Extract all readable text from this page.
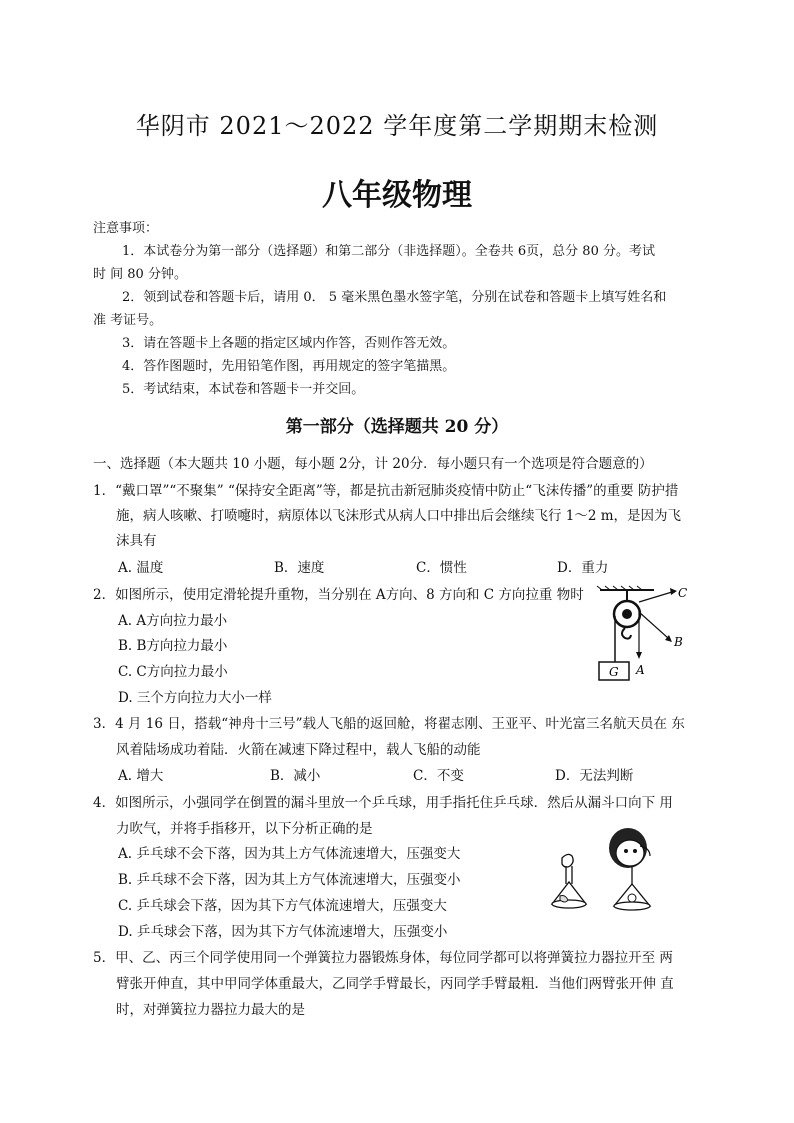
华阴市 2021～2022 学年度第二学期期末检测
八年级物理
注意事项：
1．本试卷分为第一部分（选择题）和第二部分（非选择题）。全卷共 6页，总分 80 分。考试
时 间 80 分钟。
2．领到试卷和答题卡后，请用 0． 5 毫米黑色墨水签字笔，分别在试卷和答题卡上填写姓名和
准 考证号。
3．请在答题卡上各题的指定区域内作答，否则作答无效。
4．答作图题时，先用铅笔作图，再用规定的签字笔描黑。
5．考试结束，本试卷和答题卡一并交回。
第一部分（选择题共 20 分）
一、选择题（本大题共 10 小题，每小题 2分，计 20分．每小题只有一个选项是符合题意的）
1．“戴口罩”“不聚集” “保持安全距离”等，都是抗击新冠肺炎疫情中防止“飞沫传播”的重要 防护措
施，病人咳嗽、打喷嚏时，病原体以飞沫形式从病人口中排出后会继续飞行 1～2 m，是因为飞
沫具有
A. 温度	B．速度	C．惯性	D．重力
2．如图所示，使用定滑轮提升重物，当分别在 A方向、8 方向和 C 方向拉重 物时
A. A方向拉力最小
B. B方向拉力最小
C. C方向拉力最小
D. 三个方向拉力大小一样
C
B
A
G
3．4 月 16 日，搭载“神舟十三号”载人飞船的返回舱，将翟志刚、王亚平、叶光富三名航天员在 东
风着陆场成功着陆．火箭在减速下降过程中，载人飞船的动能
A. 增大	B．减小	C．不变	D．无法判断
4．如图所示，小强同学在倒置的漏斗里放一个乒乓球，用手指托住乒乓球．然后从漏斗口向下 用
力吹气，并将手指移开，以下分析正确的是
A. 乒乓球不会下落，因为其上方气体流速增大，压强变大
B. 乒乓球不会下落，因为其上方气体流速增大，压强变小
C. 乒乓球会下落，因为其下方气体流速增大，压强变大
D. 乒乓球会下落，因为其下方气体流速增大，压强变小
5．甲、乙、丙三个同学使用同一个弹簧拉力器锻炼身体，每位同学都可以将弹簧拉力器拉开至 两
臂张开伸直，其中甲同学体重最大，乙同学手臂最长，丙同学手臂最粗．当他们两臂张开伸 直
时，对弹簧拉力器拉力最大的是
